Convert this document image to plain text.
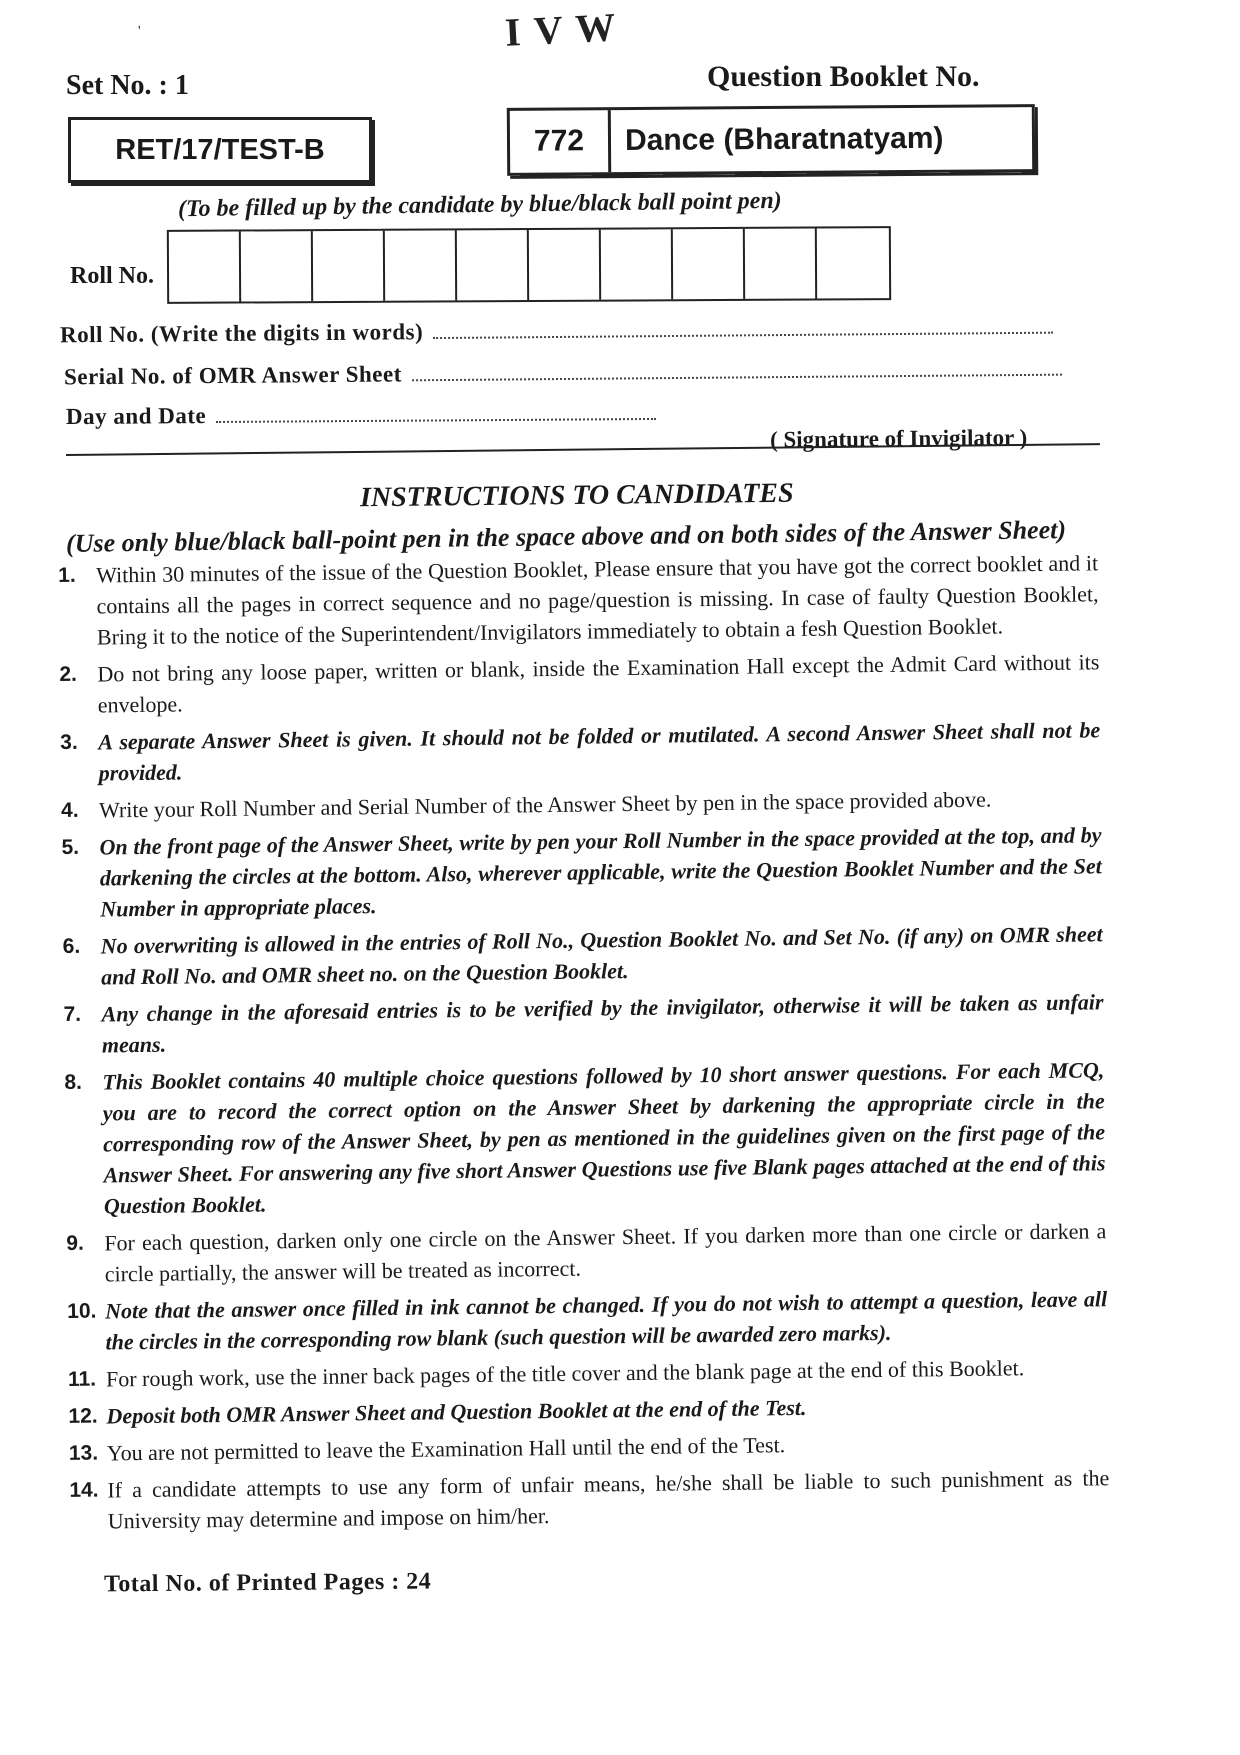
I V W
'
Set No. : 1	Question Booklet No.
RET/17/TEST-B	772	Dance (Bharatnatyam)
(To be filled up by the candidate by blue/black ball point pen)
Roll No.
Roll No. (Write the digits in words)
Serial No. of OMR Answer Sheet
Day and Date
( Signature of Invigilator )
INSTRUCTIONS TO CANDIDATES
(Use only blue/black ball-point pen in the space above and on both sides of the Answer Sheet)
1. Within 30 minutes of the issue of the Question Booklet, Please ensure that you have got the correct booklet and it contains all the pages in correct sequence and no page/question is missing. In case of faulty Question Booklet, Bring it to the notice of the Superintendent/Invigilators immediately to obtain a fesh Question Booklet.
2. Do not bring any loose paper, written or blank, inside the Examination Hall except the Admit Card without its envelope.
3. A separate Answer Sheet is given. It should not be folded or mutilated. A second Answer Sheet shall not be provided.
4. Write your Roll Number and Serial Number of the Answer Sheet by pen in the space provided above.
5. On the front page of the Answer Sheet, write by pen your Roll Number in the space provided at the top, and by darkening the circles at the bottom. Also, wherever applicable, write the Question Booklet Number and the Set Number in appropriate places.
6. No overwriting is allowed in the entries of Roll No., Question Booklet No. and Set No. (if any) on OMR sheet and Roll No. and OMR sheet no. on the Question Booklet.
7. Any change in the aforesaid entries is to be verified by the invigilator, otherwise it will be taken as unfair means.
8. This Booklet contains 40 multiple choice questions followed by 10 short answer questions. For each MCQ, you are to record the correct option on the Answer Sheet by darkening the appropriate circle in the corresponding row of the Answer Sheet, by pen as mentioned in the guidelines given on the first page of the Answer Sheet. For answering any five short Answer Questions use five Blank pages attached at the end of this Question Booklet.
9. For each question, darken only one circle on the Answer Sheet. If you darken more than one circle or darken a circle partially, the answer will be treated as incorrect.
10. Note that the answer once filled in ink cannot be changed. If you do not wish to attempt a question, leave all the circles in the corresponding row blank (such question will be awarded zero marks).
11. For rough work, use the inner back pages of the title cover and the blank page at the end of this Booklet.
12. Deposit both OMR Answer Sheet and Question Booklet at the end of the Test.
13. You are not permitted to leave the Examination Hall until the end of the Test.
14. If a candidate attempts to use any form of unfair means, he/she shall be liable to such punishment as the University may determine and impose on him/her.
Total No. of Printed Pages : 24
